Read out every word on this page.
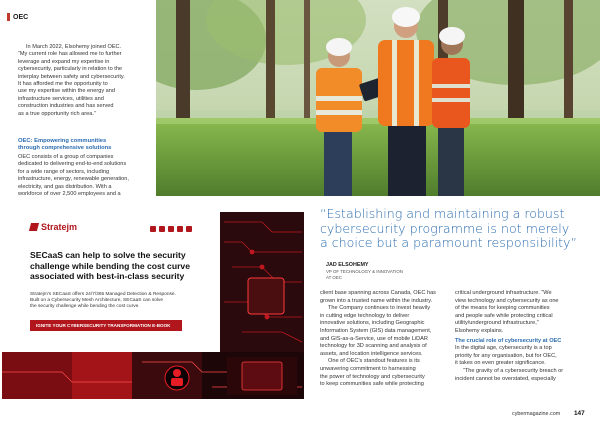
OEC

In March 2022, Elsohemy joined OEC.
“My current role has allowed me to further
leverage and expand my expertise in
cybersecurity, particularly in relation to the
interplay between safety and cybersecurity.
It has afforded me the opportunity to
use my expertise within the energy and
infrastructure services, utilities and
construction industries and has served
as a true opportunity rich area.”

OEC: Empowering communities
through comprehensive solutions
OEC consists of a group of companies
dedicated to delivering end-to-end solutions
for a wide range of sectors, including
infrastructure, energy, renewable generation,
electricity, and gas distribution. With a
workforce of over 2,500 employees and a
Stratejm
SECaaS can help to solve the security
challenge while bending the cost curve
associated with best-in-class security
Stratejm's SECaaS offers 24/7/365 Managed Detection & Response.
Built on a Cybersecurity Mesh Architecture, SECaaS can solve
the security challenge while bending the cost curve.
IGNITE YOUR CYBERSECURITY TRANSFORMATION E-BOOK
“Establishing and maintaining a robust
cybersecurity programme is not merely
a choice but a paramount responsibility”
JAD ELSOHEMY
VP OF TECHNOLOGY & INNOVATION
AT OEC

client base spanning across Canada, OEC has
grown into a trusted name within the industry.

The Company continues to invest heavily
in cutting edge technology to deliver
innovative solutions, including Geographic
Information System (GIS) data management,
and GIS-as-a-Service, use of mobile LiDAR
technology for 3D scanning and analysis of
assets, and location intelligence services.

One of OEC's standout features is its
unwavering commitment to harnessing
the power of technology and cybersecurity
to keep communities safe while protecting

critical underground infrastructure. “We
view technology and cybersecurity as one
of the means for keeping communities
and people safe while protecting critical
utility/underground infrastructure,”
Elsohemy explains.

The crucial role of cybersecurity at OEC

In the digital age, cybersecurity is a top
priority for any organisation, but for OEC,
it takes on even greater significance.

“The gravity of a cybersecurity breach or
incident cannot be overstated, especially

cybermagazine.com 147
